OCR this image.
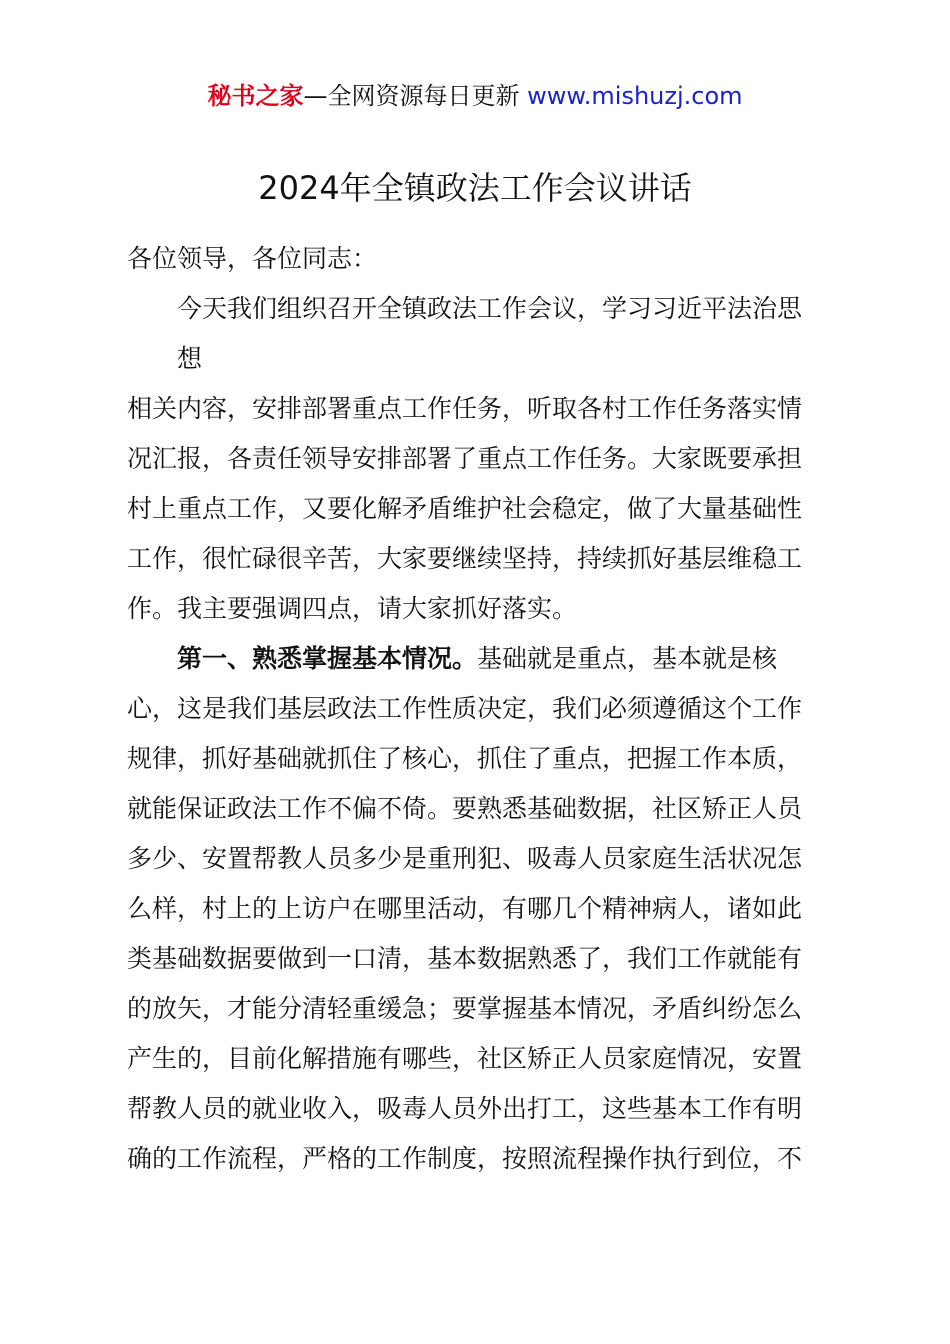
秘书之家—全网资源每日更新 www.mishuzj.com
2024年全镇政法工作会议讲话
各位领导，各位同志：
今天我们组织召开全镇政法工作会议，学习习近平法治思
想
相关内容，安排部署重点工作任务，听取各村工作任务落实情
况汇报，各责任领导安排部署了重点工作任务。大家既要承担
村上重点工作，又要化解矛盾维护社会稳定，做了大量基础性
工作，很忙碌很辛苦，大家要继续坚持，持续抓好基层维稳工
作。我主要强调四点，请大家抓好落实。
第一、熟悉掌握基本情况。基础就是重点，基本就是核
心，这是我们基层政法工作性质决定，我们必须遵循这个工作
规律，抓好基础就抓住了核心，抓住了重点，把握工作本质，
就能保证政法工作不偏不倚。要熟悉基础数据，社区矫正人员
多少、安置帮教人员多少是重刑犯、吸毒人员家庭生活状况怎
么样，村上的上访户在哪里活动，有哪几个精神病人，诸如此
类基础数据要做到一口清，基本数据熟悉了，我们工作就能有
的放矢，才能分清轻重缓急；要掌握基本情况，矛盾纠纷怎么
产生的，目前化解措施有哪些，社区矫正人员家庭情况，安置
帮教人员的就业收入，吸毒人员外出打工，这些基本工作有明
确的工作流程，严格的工作制度，按照流程操作执行到位，不
